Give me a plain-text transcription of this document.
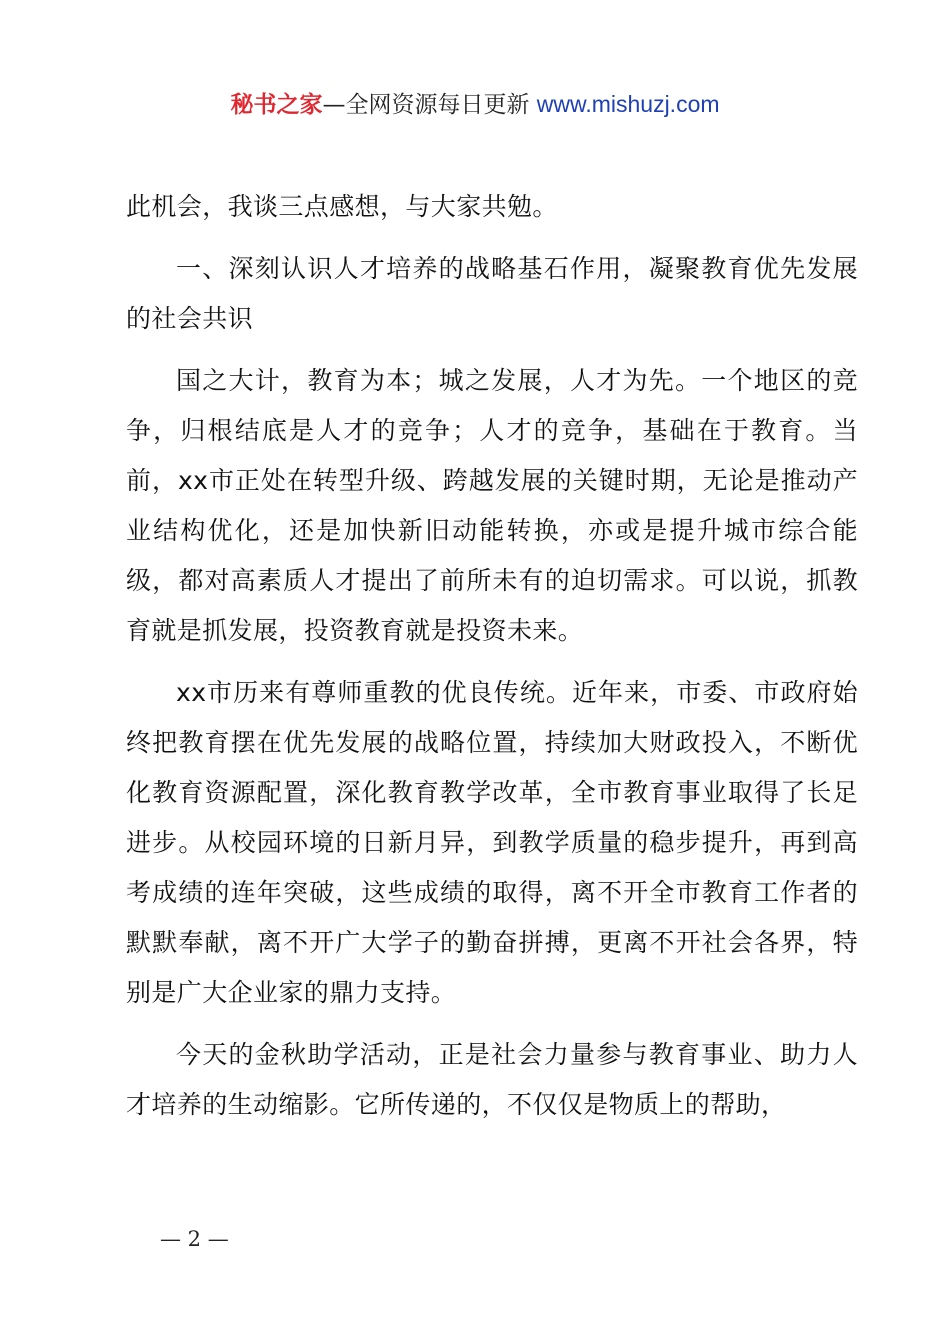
秘书之家—全网资源每日更新 www.mishuzj.com

此机会，我谈三点感想，与大家共勉。

一、深刻认识人才培养的战略基石作用，凝聚教育优先发展的社会共识

国之大计，教育为本；城之发展，人才为先。一个地区的竞争，归根结底是人才的竞争；人才的竞争，基础在于教育。当前，xx市正处在转型升级、跨越发展的关键时期，无论是推动产业结构优化，还是加快新旧动能转换，亦或是提升城市综合能级，都对高素质人才提出了前所未有的迫切需求。可以说，抓教育就是抓发展，投资教育就是投资未来。

xx市历来有尊师重教的优良传统。近年来，市委、市政府始终把教育摆在优先发展的战略位置，持续加大财政投入，不断优化教育资源配置，深化教育教学改革，全市教育事业取得了长足进步。从校园环境的日新月异，到教学质量的稳步提升，再到高考成绩的连年突破，这些成绩的取得，离不开全市教育工作者的默默奉献，离不开广大学子的勤奋拼搏，更离不开社会各界，特别是广大企业家的鼎力支持。

今天的金秋助学活动，正是社会力量参与教育事业、助力人才培养的生动缩影。它所传递的，不仅仅是物质上的帮助，

— 2 —
